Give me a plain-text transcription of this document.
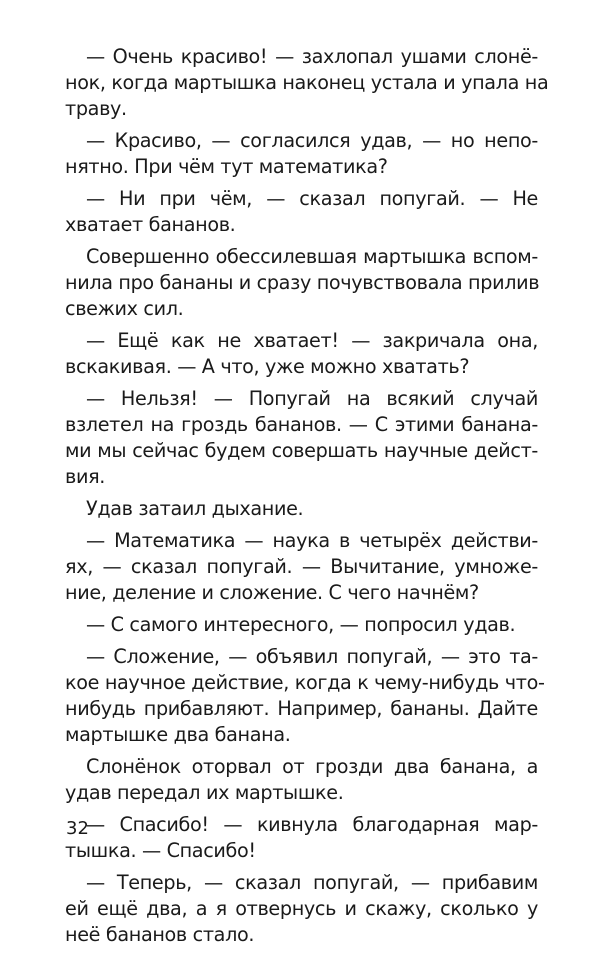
— Очень красиво! — захлопал ушами слонё-
нок, когда мартышка наконец устала и упала на
траву.
— Красиво, — согласился удав, — но непо-
нятно. При чём тут математика?
— Ни при чём, — сказал попугай. — Не
хватает бананов.
Совершенно обессилевшая мартышка вспом-
нила про бананы и сразу почувствовала прилив
свежих сил.
— Ещё как не хватает! — закричала она,
вскакивая. — А что, уже можно хватать?
— Нельзя! — Попугай на всякий случай
взлетел на гроздь бананов. — С этими банана-
ми мы сейчас будем совершать научные дейст-
вия.
Удав затаил дыхание.
— Математика — наука в четырёх действи-
ях, — сказал попугай. — Вычитание, умноже-
ние, деление и сложение. С чего начнём?
— С самого интересного, — попросил удав.
— Сложение, — объявил попугай, — это та-
кое научное действие, когда к чему-нибудь что-
нибудь прибавляют. Например, бананы. Дайте
мартышке два банана.
Слонёнок оторвал от грозди два банана, а
удав передал их мартышке.
— Спасибо! — кивнула благодарная мар-
тышка. — Спасибо!
— Теперь, — сказал попугай, — прибавим
ей ещё два, а я отвернусь и скажу, сколько у
неё бананов стало.
32
